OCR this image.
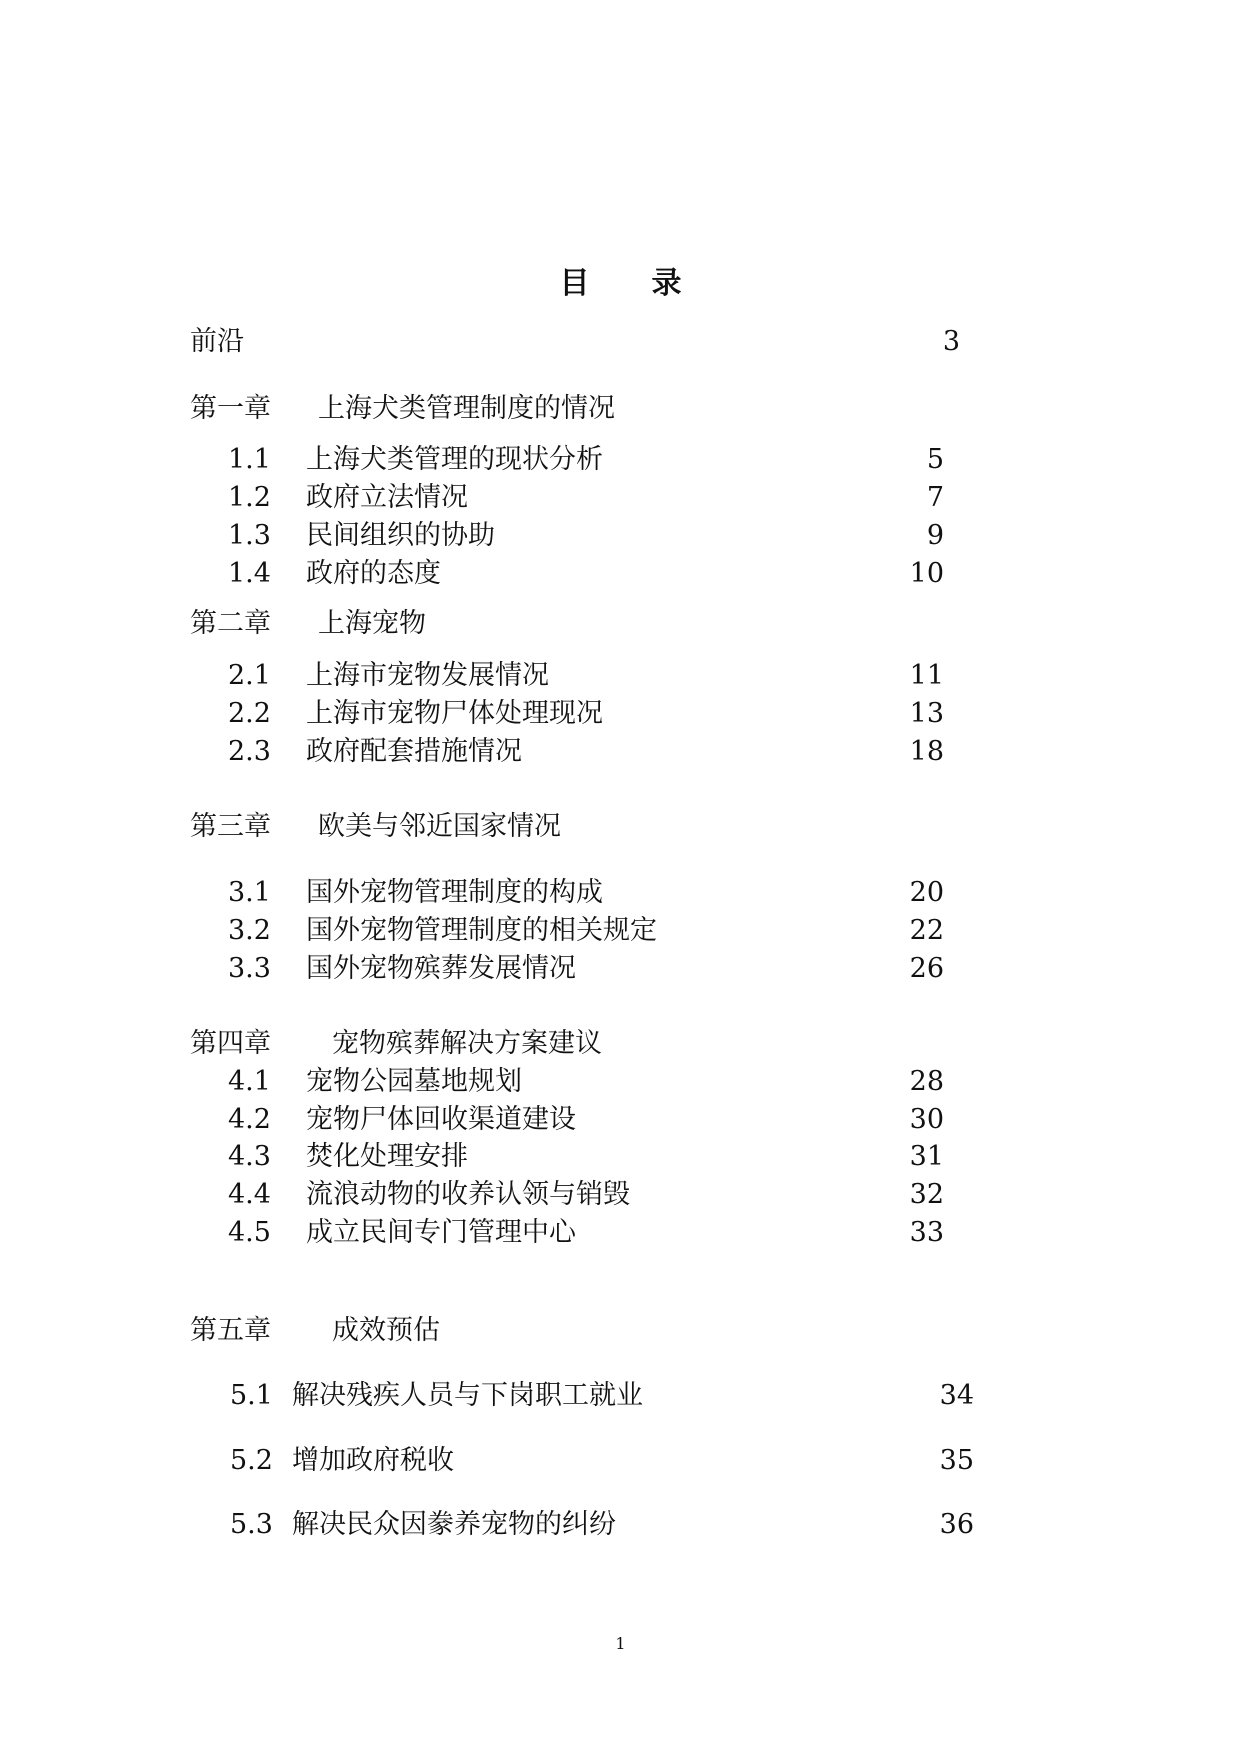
目 录
前沿	3
第一章 上海犬类管理制度的情况
1.1 上海犬类管理的现状分析	5
1.2 政府立法情况	7
1.3 民间组织的协助	9
1.4 政府的态度	10
第二章 上海宠物
2.1 上海市宠物发展情况	11
2.2 上海市宠物尸体处理现况	13
2.3 政府配套措施情况	18
第三章 欧美与邻近国家情况
3.1 国外宠物管理制度的构成	20
3.2 国外宠物管理制度的相关规定	22
3.3 国外宠物殡葬发展情况	26
第四章 宠物殡葬解决方案建议
4.1 宠物公园墓地规划	28
4.2 宠物尸体回收渠道建设	30
4.3 焚化处理安排	31
4.4 流浪动物的收养认领与销毁	32
4.5 成立民间专门管理中心	33
第五章 成效预估
5.1 解决残疾人员与下岗职工就业	34
5.2 增加政府税收	35
5.3 解决民众因豢养宠物的纠纷	36
1
